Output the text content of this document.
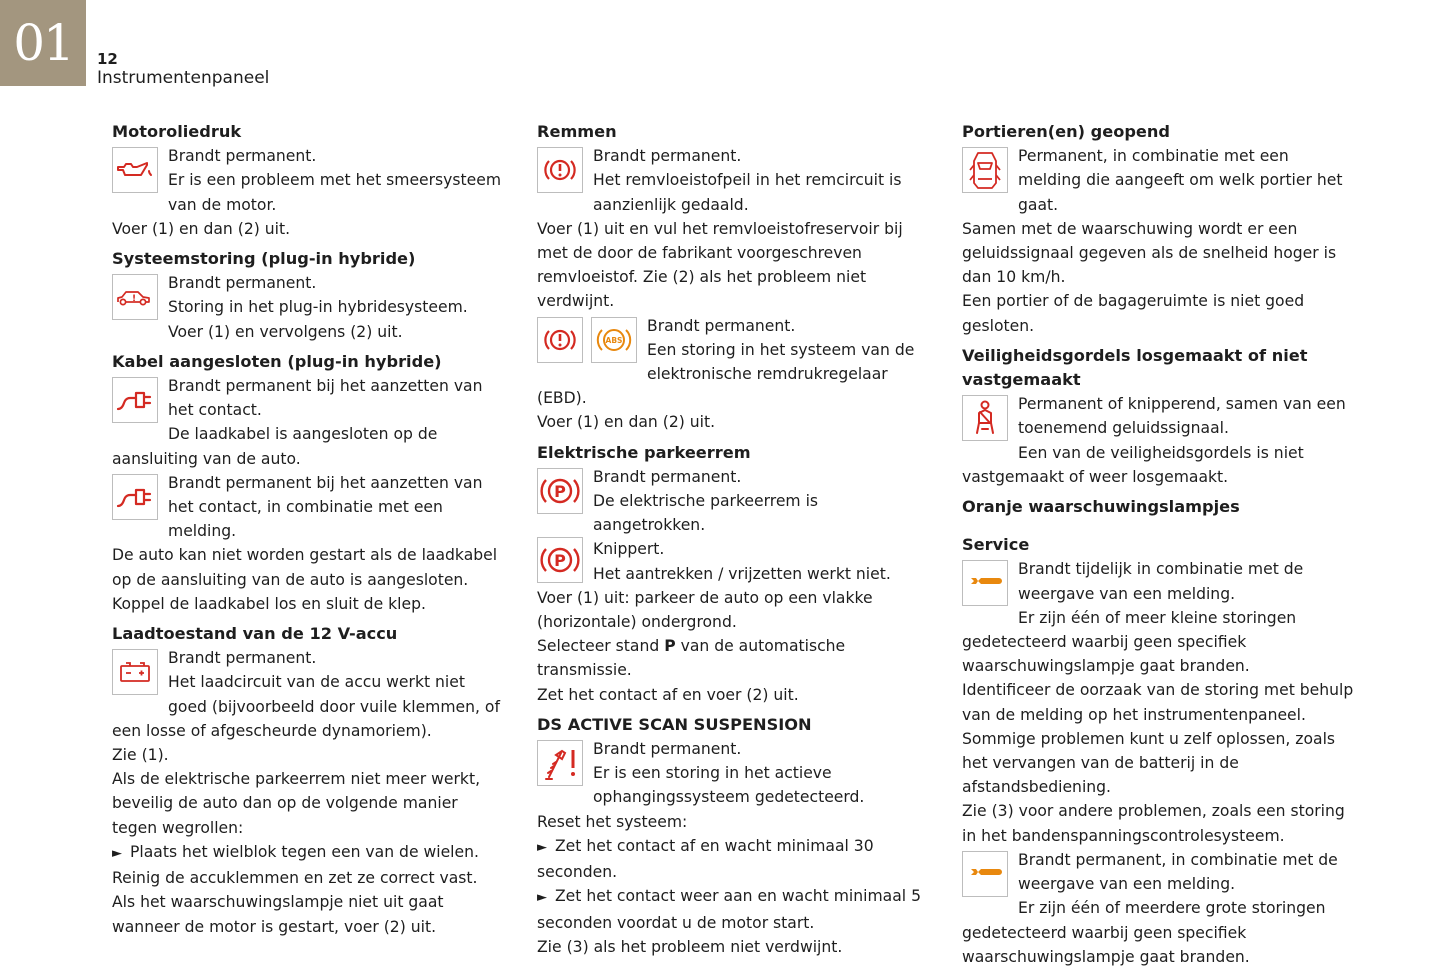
01 12
Instrumentenpaneel
Motoroliedruk

Brandt permanent.

Er is een probleem met het smeersysteem van de motor.

Voer (1) en dan (2) uit.

Systeemstoring (plug-in hybride)
!

Brandt permanent.

Storing in het plug-in hybridesysteem.

Voer (1) en vervolgens (2) uit.

Kabel aangesloten (plug-in hybride)

Brandt permanent bij het aanzetten van het contact.

De laadkabel is aangesloten op de aansluiting van de auto.

Brandt permanent bij het aanzetten van het contact, in combinatie met een melding.

De auto kan niet worden gestart als de laadkabel op de aansluiting van de auto is aangesloten.

Koppel de laadkabel los en sluit de klep.

Laadtoestand van de 12 V-accu

Brandt permanent.

Het laadcircuit van de accu werkt niet goed (bijvoorbeeld door vuile klemmen, of een losse of afgescheurde dynamoriem).

Zie (1).

Als de elektrische parkeerrem niet meer werkt, beveilig de auto dan op de volgende manier tegen wegrollen:

► Plaats het wielblok tegen een van de wielen.

Reinig de accuklemmen en zet ze correct vast. Als het waarschuwingslampje niet uit gaat wanneer de motor is gestart, voer (2) uit.

Remmen

Brandt permanent.

Het remvloeistofpeil in het remcircuit is aanzienlijk gedaald.

Voer (1) uit en vul het remvloeistofreservoir bij met de door de fabrikant voorgeschreven remvloeistof. Zie (2) als het probleem niet verdwijnt.

ABS

Brandt permanent.

Een storing in het systeem van de elektronische remdrukregelaar (EBD).

Voer (1) en dan (2) uit.

Elektrische parkeerrem
P

Brandt permanent.

De elektrische parkeerrem is aangetrokken.

P

Knippert.

Het aantrekken / vrijzetten werkt niet.

Voer (1) uit: parkeer de auto op een vlakke (horizontale) ondergrond.

Selecteer stand P van de automatische transmissie.

Zet het contact af en voer (2) uit.

DS ACTIVE SCAN SUSPENSION

Brandt permanent.

Er is een storing in het actieve ophangingssysteem gedetecteerd.

Reset het systeem:

► Zet het contact af en wacht minimaal 30 seconden.

► Zet het contact weer aan en wacht minimaal 5 seconden voordat u de motor start.

Zie (3) als het probleem niet verdwijnt.

Portieren(en) geopend

Permanent, in combinatie met een melding die aangeeft om welk portier het gaat.

Samen met de waarschuwing wordt er een geluidssignaal gegeven als de snelheid hoger is dan 10 km/h.

Een portier of de bagageruimte is niet goed gesloten.

Veiligheidsgordels losgemaakt of niet vastgemaakt

Permanent of knipperend, samen van een toenemend geluidssignaal.

Een van de veiligheidsgordels is niet vastgemaakt of weer losgemaakt.

Oranje waarschuwingslampjes
Service

Brandt tijdelijk in combinatie met de weergave van een melding.

Er zijn één of meer kleine storingen gedetecteerd waarbij geen specifiek waarschuwingslampje gaat branden.

Identificeer de oorzaak van de storing met behulp van de melding op het instrumentenpaneel.

Sommige problemen kunt u zelf oplossen, zoals het vervangen van de batterij in de afstandsbediening.

Zie (3) voor andere problemen, zoals een storing in het bandenspanningscontrolesysteem.

Brandt permanent, in combinatie met de weergave van een melding.

Er zijn één of meerdere grote storingen gedetecteerd waarbij geen specifiek waarschuwingslampje gaat branden.
